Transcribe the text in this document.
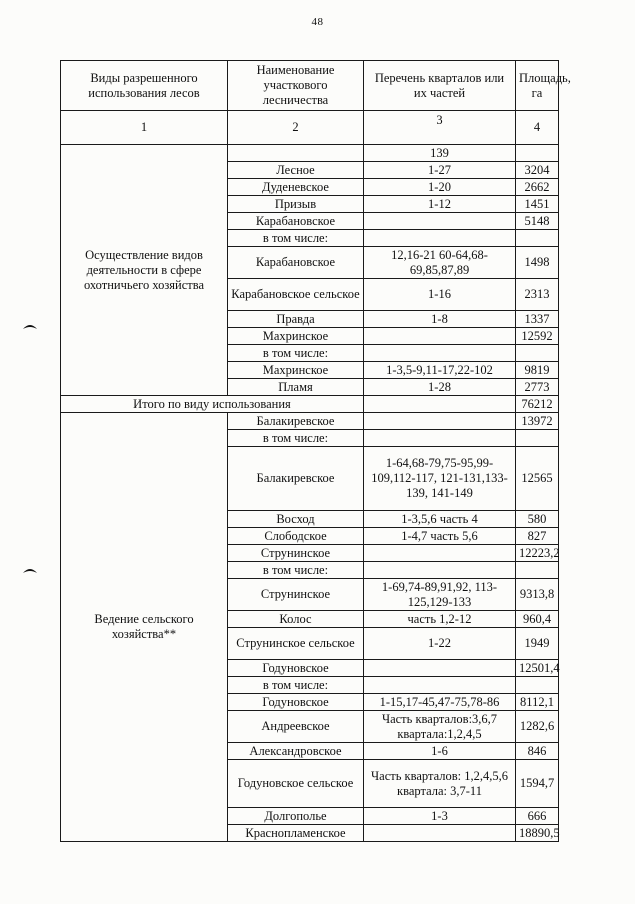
48
Виды разрешенного использования лесов	Наименование участкового лесничества	Перечень кварталов или их частей	Площадь, га
1	2	3	4
Осуществление видов деятельности в сфере охотничьего хозяйства		139	
	Лесное	1-27	3204
	Дуденевское	1-20	2662
	Призыв	1-12	1451
	Карабановское		5148
	в том числе:		
	Карабановское	12,16-21 60-64,68-69,85,87,89	1498
	Карабановское сельское	1-16	2313
	Правда	1-8	1337
	Махринское		12592
	в том числе:		
	Махринское	1-3,5-9,11-17,22-102	9819
	Пламя	1-28	2773
Итого по виду использования			76212
Ведение сельского хозяйства**	Балакиревское		13972
	в том числе:		
	Балакиревское	1-64,68-79,75-95,99-109,112-117, 121-131,133-139, 141-149	12565
	Восход	1-3,5,6 часть 4	580
	Слободское	1-4,7 часть 5,6	827
	Струнинское		12223,2
	в том числе:		
	Струнинское	1-69,74-89,91,92, 113-125,129-133	9313,8
	Колос	часть 1,2-12	960,4
	Струнинское сельское	1-22	1949
	Годуновское		12501,4
	в том числе:		
	Годуновское	1-15,17-45,47-75,78-86	8112,1
	Андреевское	Часть кварталов:3,6,7 квартала:1,2,4,5	1282,6
	Александровское	1-6	846
	Годуновское сельское	Часть кварталов: 1,2,4,5,6 квартала: 3,7-11	1594,7
	Долгополье	1-3	666
	Краснопламенское		18890,5
